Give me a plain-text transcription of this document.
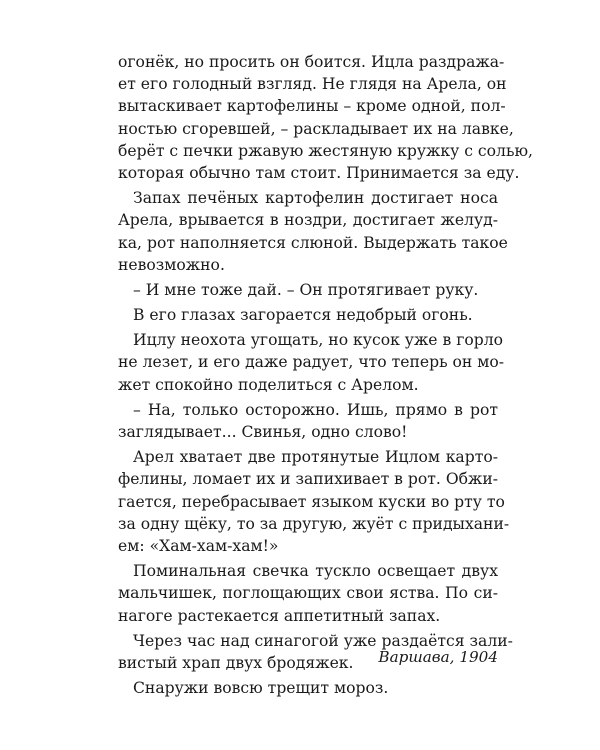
огонёк, но просить он боится. Ицла раздража-
ет его голодный взгляд. Не глядя на Арела, он
вытаскивает картофелины – кроме одной, пол-
ностью сгоревшей, – раскладывает их на лавке,
берёт с печки ржавую жестяную кружку с солью,
которая обычно там стоит. Принимается за еду.
Запах печёных картофелин достигает носа
Арела, врывается в ноздри, достигает желуд-
ка, рот наполняется слюной. Выдержать такое
невозможно.
– И мне тоже дай. – Он протягивает руку.
В его глазах загорается недобрый огонь.
Ицлу неохота угощать, но кусок уже в горло
не лезет, и его даже радует, что теперь он мо-
жет спокойно поделиться с Арелом.
– На, только осторожно. Ишь, прямо в рот
заглядывает... Свинья, одно слово!
Арел хватает две протянутые Ицлом карто-
фелины, ломает их и запихивает в рот. Обжи-
гается, перебрасывает языком куски во рту то
за одну щёку, то за другую, жуёт с придыхани-
ем: «Хам-хам-хам!»
Поминальная свечка тускло освещает двух
мальчишек, поглощающих свои яства. По си-
нагоге растекается аппетитный запах.
Через час над синагогой уже раздаётся зали-
вистый храп двух бродяжек.
Снаружи вовсю трещит мороз.
Варшава, 1904
